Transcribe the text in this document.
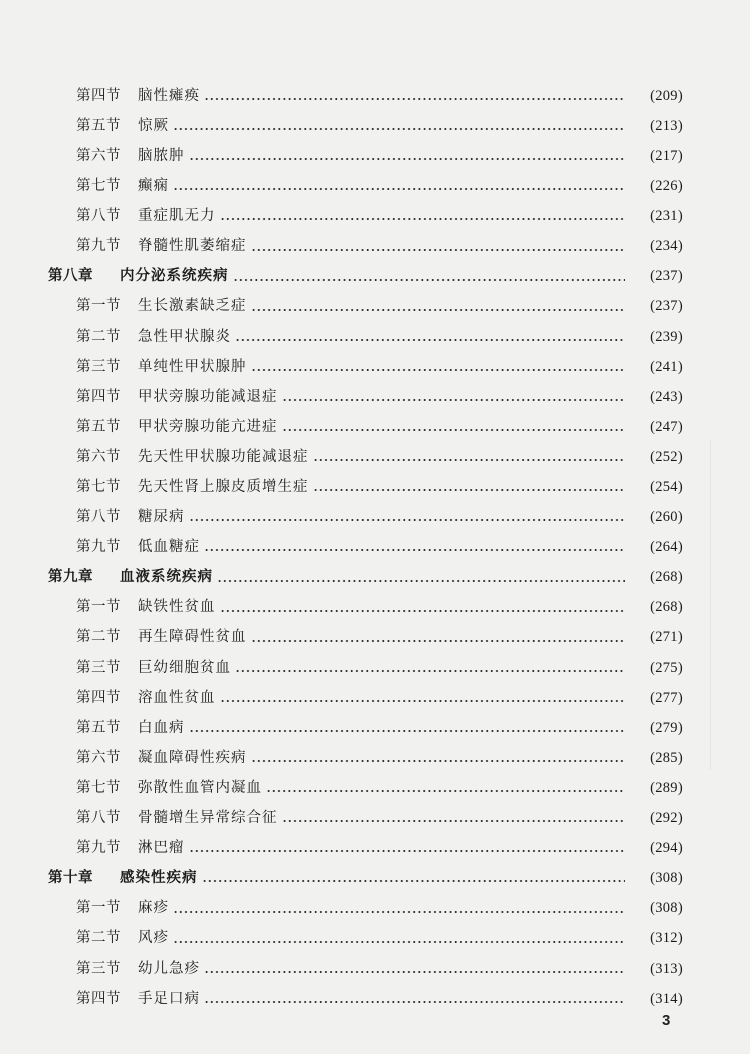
第四节	脑性瘫痪	(209)
第五节	惊厥	(213)
第六节	脑脓肿	(217)
第七节	癫痫	(226)
第八节	重症肌无力	(231)
第九节	脊髓性肌萎缩症	(234)
第八章	内分泌系统疾病	(237)
第一节	生长激素缺乏症	(237)
第二节	急性甲状腺炎	(239)
第三节	单纯性甲状腺肿	(241)
第四节	甲状旁腺功能减退症	(243)
第五节	甲状旁腺功能亢进症	(247)
第六节	先天性甲状腺功能减退症	(252)
第七节	先天性肾上腺皮质增生症	(254)
第八节	糖尿病	(260)
第九节	低血糖症	(264)
第九章	血液系统疾病	(268)
第一节	缺铁性贫血	(268)
第二节	再生障碍性贫血	(271)
第三节	巨幼细胞贫血	(275)
第四节	溶血性贫血	(277)
第五节	白血病	(279)
第六节	凝血障碍性疾病	(285)
第七节	弥散性血管内凝血	(289)
第八节	骨髓增生异常综合征	(292)
第九节	淋巴瘤	(294)
第十章	感染性疾病	(308)
第一节	麻疹	(308)
第二节	风疹	(312)
第三节	幼儿急疹	(313)
第四节	手足口病	(314)
3
